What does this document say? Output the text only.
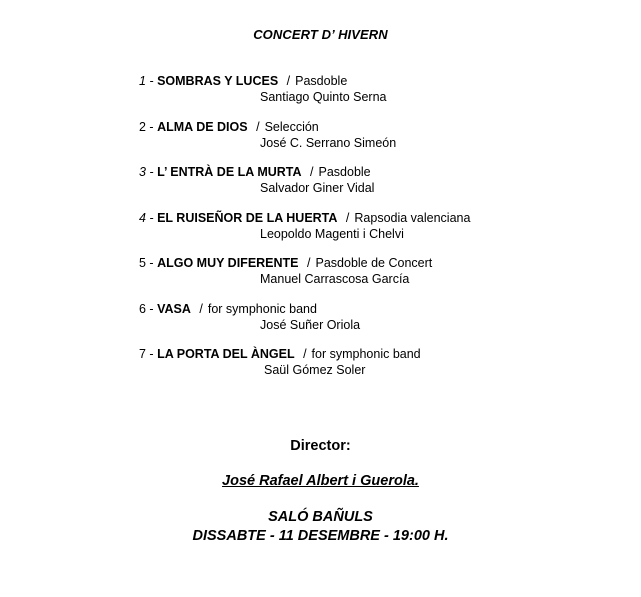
CONCERT D’ HIVERN
1 - SOMBRAS Y LUCES / Pasdoble
Santiago Quinto Serna
2 - ALMA DE DIOS / Selección
José C. Serrano Simeón
3 - L’ ENTRÀ DE LA MURTA / Pasdoble
Salvador Giner Vidal
4 - EL RUISEÑOR DE LA HUERTA / Rapsodia valenciana
Leopoldo Magenti i Chelvi
5 - ALGO MUY DIFERENTE / Pasdoble de Concert
Manuel Carrascosa García
6 - VASA / for symphonic band
José Suñer Oriola
7 - LA PORTA DEL ÀNGEL / for symphonic band
Saül Gómez Soler
Director:
José Rafael Albert i Guerola.
SALÓ BAÑULS
DISSABTE - 11 DESEMBRE - 19:00 H.
